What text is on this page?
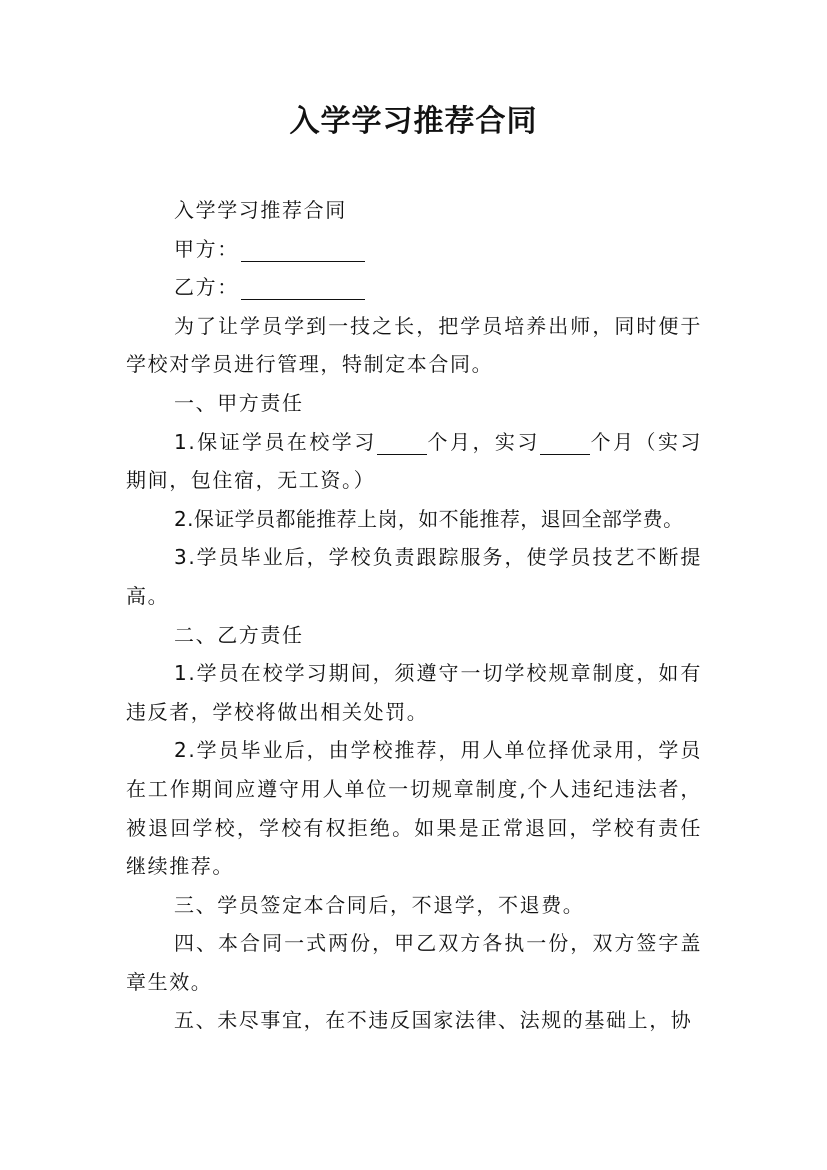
入学学习推荐合同

入学学习推荐合同

甲方：

乙方：

为了让学员学到一技之长，把学员培养出师，同时便于学校对学员进行管理，特制定本合同。

一、甲方责任

1.保证学员在校学习	个月，实习	个月（实习期间，包住宿，无工资。）

2.保证学员都能推荐上岗，如不能推荐，退回全部学费。

3.学员毕业后，学校负责跟踪服务，使学员技艺不断提高。

二、乙方责任

1.学员在校学习期间，须遵守一切学校规章制度，如有违反者，学校将做出相关处罚。

2.学员毕业后，由学校推荐，用人单位择优录用，学员在工作期间应遵守用人单位一切规章制度,个人违纪违法者，被退回学校，学校有权拒绝。如果是正常退回，学校有责任继续推荐。

三、学员签定本合同后，不退学，不退费。

四、本合同一式两份，甲乙双方各执一份，双方签字盖章生效。

五、未尽事宜，在不违反国家法律、法规的基础上，协
